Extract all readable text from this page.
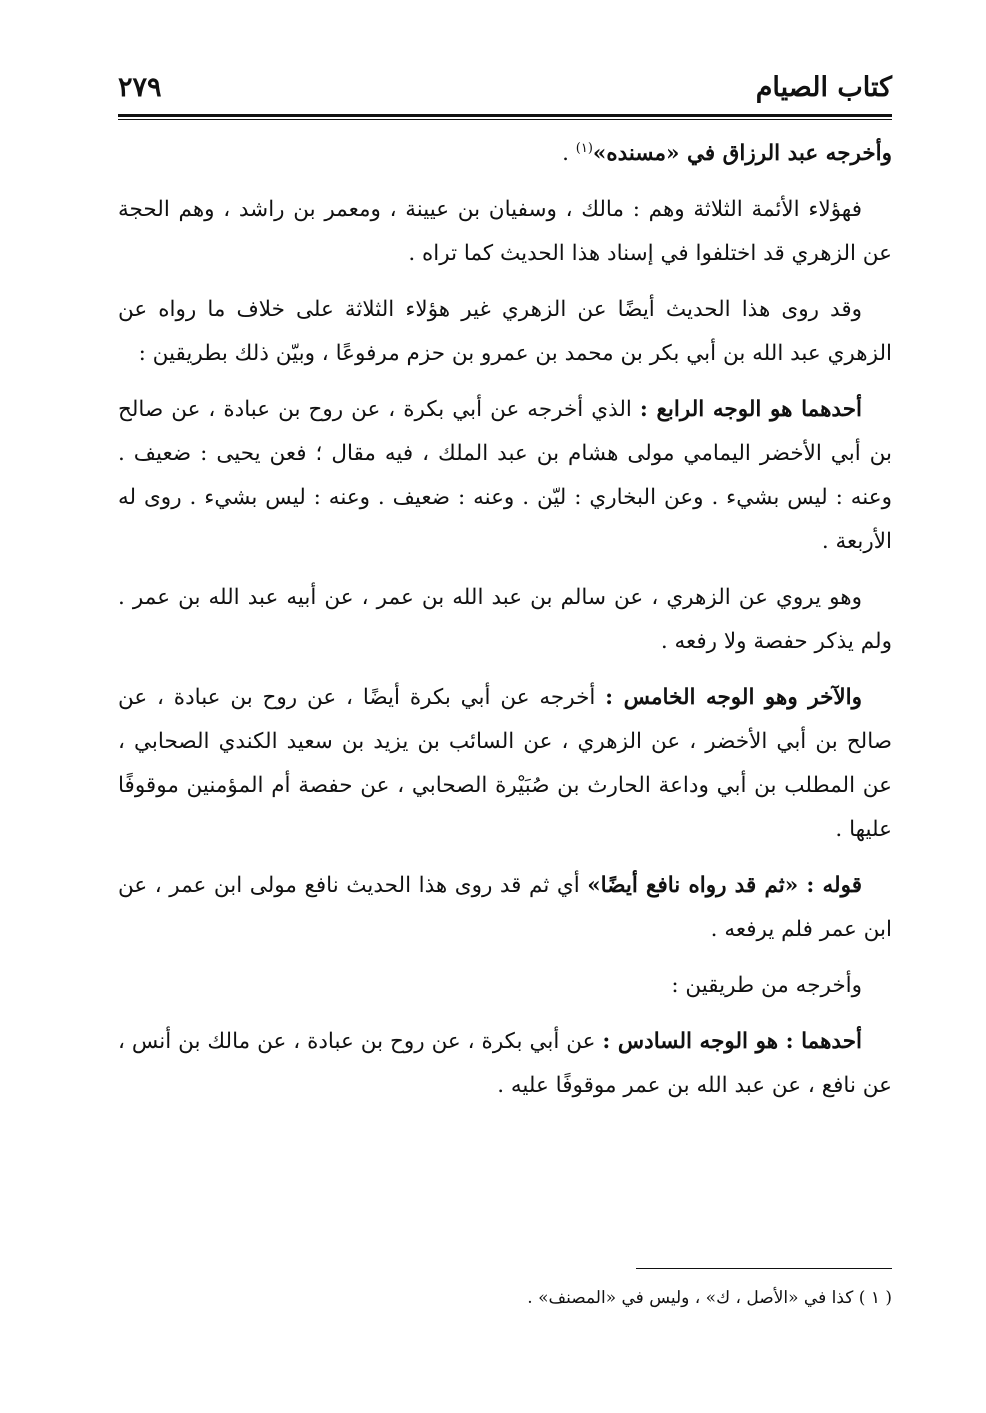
كتاب الصيام
٢٧٩

وأخرجه عبد الرزاق في «مسنده»$^{(١)}$ .

فهؤلاء الأئمة الثلاثة وهم : مالك ، وسفيان بن عيينة ، ومعمر بن راشد ، وهم الحجة عن الزهري قد اختلفوا في إسناد هذا الحديث كما تراه .

وقد روى هذا الحديث أيضًا عن الزهري غير هؤلاء الثلاثة على خلاف ما رواه عن الزهري عبد الله بن أبي بكر بن محمد بن عمرو بن حزم مرفوعًا ، وبيّن ذلك بطريقين :

أحدهما هو الوجه الرابع : الذي أخرجه عن أبي بكرة ، عن روح بن عبادة ، عن صالح بن أبي الأخضر اليمامي مولى هشام بن عبد الملك ، فيه مقال ؛ فعن يحيى : ضعيف . وعنه : ليس بشيء . وعن البخاري : ليّن . وعنه : ضعيف . وعنه : ليس بشيء . روى له الأربعة .

وهو يروي عن الزهري ، عن سالم بن عبد الله بن عمر ، عن أبيه عبد الله بن عمر . ولم يذكر حفصة ولا رفعه .

والآخر وهو الوجه الخامس : أخرجه عن أبي بكرة أيضًا ، عن روح بن عبادة ، عن صالح بن أبي الأخضر ، عن الزهري ، عن السائب بن يزيد بن سعيد الكندي الصحابي ، عن المطلب بن أبي وداعة الحارث بن صُبَيْرة الصحابي ، عن حفصة أم المؤمنين موقوفًا عليها .

قوله : «ثم قد رواه نافع أيضًا» أي ثم قد روى هذا الحديث نافع مولى ابن عمر ، عن ابن عمر فلم يرفعه .

وأخرجه من طريقين :

أحدهما : هو الوجه السادس : عن أبي بكرة ، عن روح بن عبادة ، عن مالك بن أنس ، عن نافع ، عن عبد الله بن عمر موقوفًا عليه .

( ١ ) كذا في «الأصل ، ك» ، وليس في «المصنف» .
